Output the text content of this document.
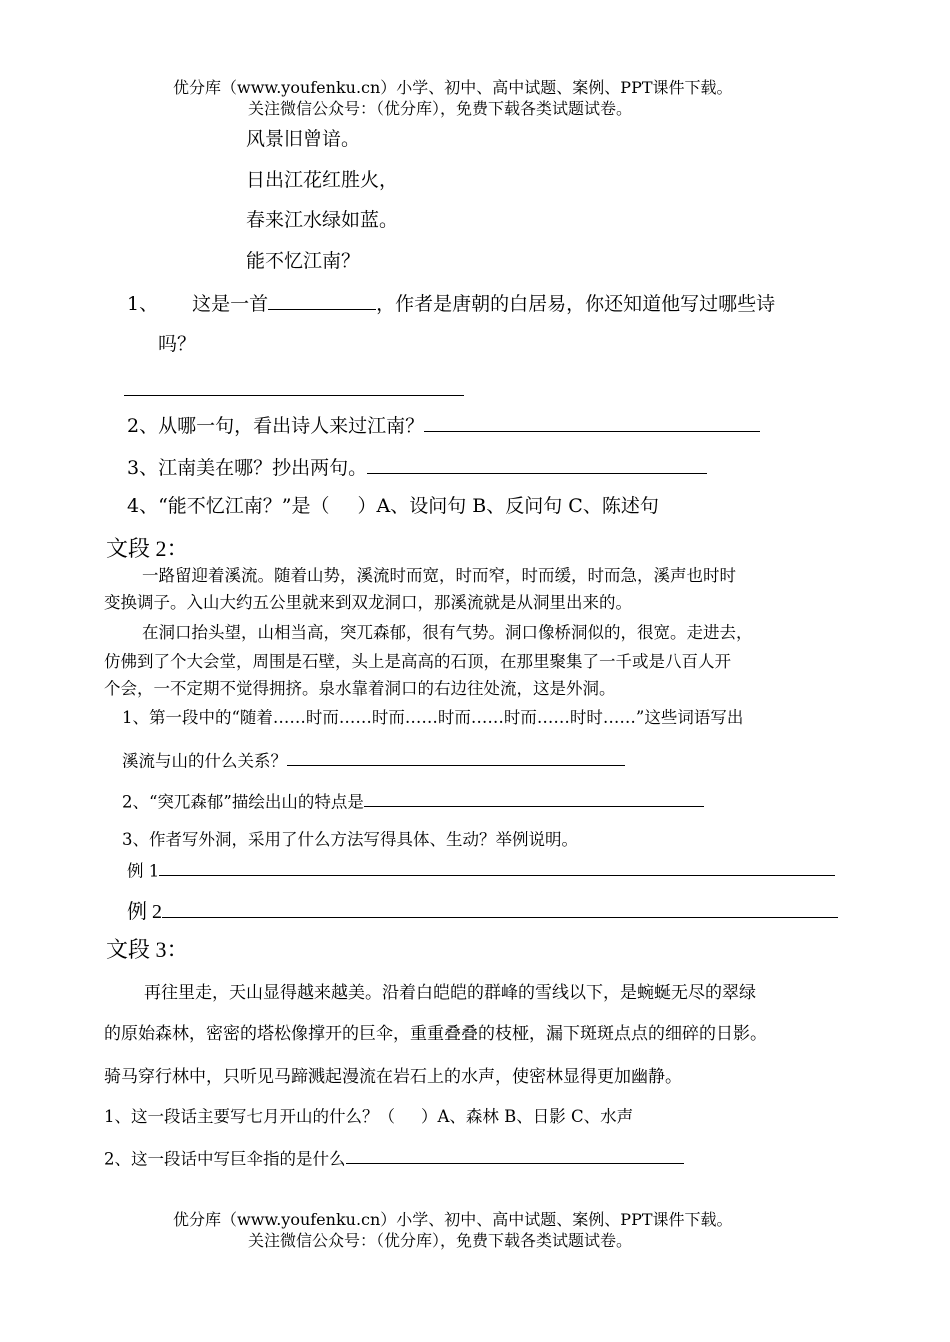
优分库（www.youfenku.cn）小学、初中、高中试题、案例、PPT课件下载。
关注微信公众号：（优分库），免费下载各类试题试卷。
风景旧曾谙。
日出江花红胜火，
春来江水绿如蓝。
能不忆江南？
1、 这是一首	，作者是唐朝的白居易，你还知道他写过哪些诗
吗？
2、从哪一句，看出诗人来过江南？
3、江南美在哪？抄出两句。
4、“能不忆江南？”是（ ）A、设问句 B、反问句 C、陈述句
文段 2：
一路留迎着溪流。随着山势，溪流时而宽，时而窄，时而缓，时而急，溪声也时时
变换调子。入山大约五公里就来到双龙洞口，那溪流就是从洞里出来的。
在洞口抬头望，山相当高，突兀森郁，很有气势。洞口像桥洞似的，很宽。走进去，
仿佛到了个大会堂，周围是石壁，头上是高高的石顶，在那里聚集了一千或是八百人开
个会，一不定期不觉得拥挤。泉水靠着洞口的右边往处流，这是外洞。
1、第一段中的“随着……时而……时而……时而……时而……时时……”这些词语写出
溪流与山的什么关系？
2、“突兀森郁”描绘出山的特点是
3、作者写外洞，采用了什么方法写得具体、生动？举例说明。
例 1
例 2
文段 3：
再往里走，天山显得越来越美。沿着白皑皑的群峰的雪线以下，是蜿蜒无尽的翠绿
的原始森林，密密的塔松像撑开的巨伞，重重叠叠的枝桠，漏下斑斑点点的细碎的日影。
骑马穿行林中，只听见马蹄溅起漫流在岩石上的水声，使密林显得更加幽静。
1、这一段话主要写七月开山的什么？（ ）A、森林 B、日影 C、水声
2、这一段话中写巨伞指的是什么
优分库（www.youfenku.cn）小学、初中、高中试题、案例、PPT课件下载。
关注微信公众号：（优分库），免费下载各类试题试卷。
